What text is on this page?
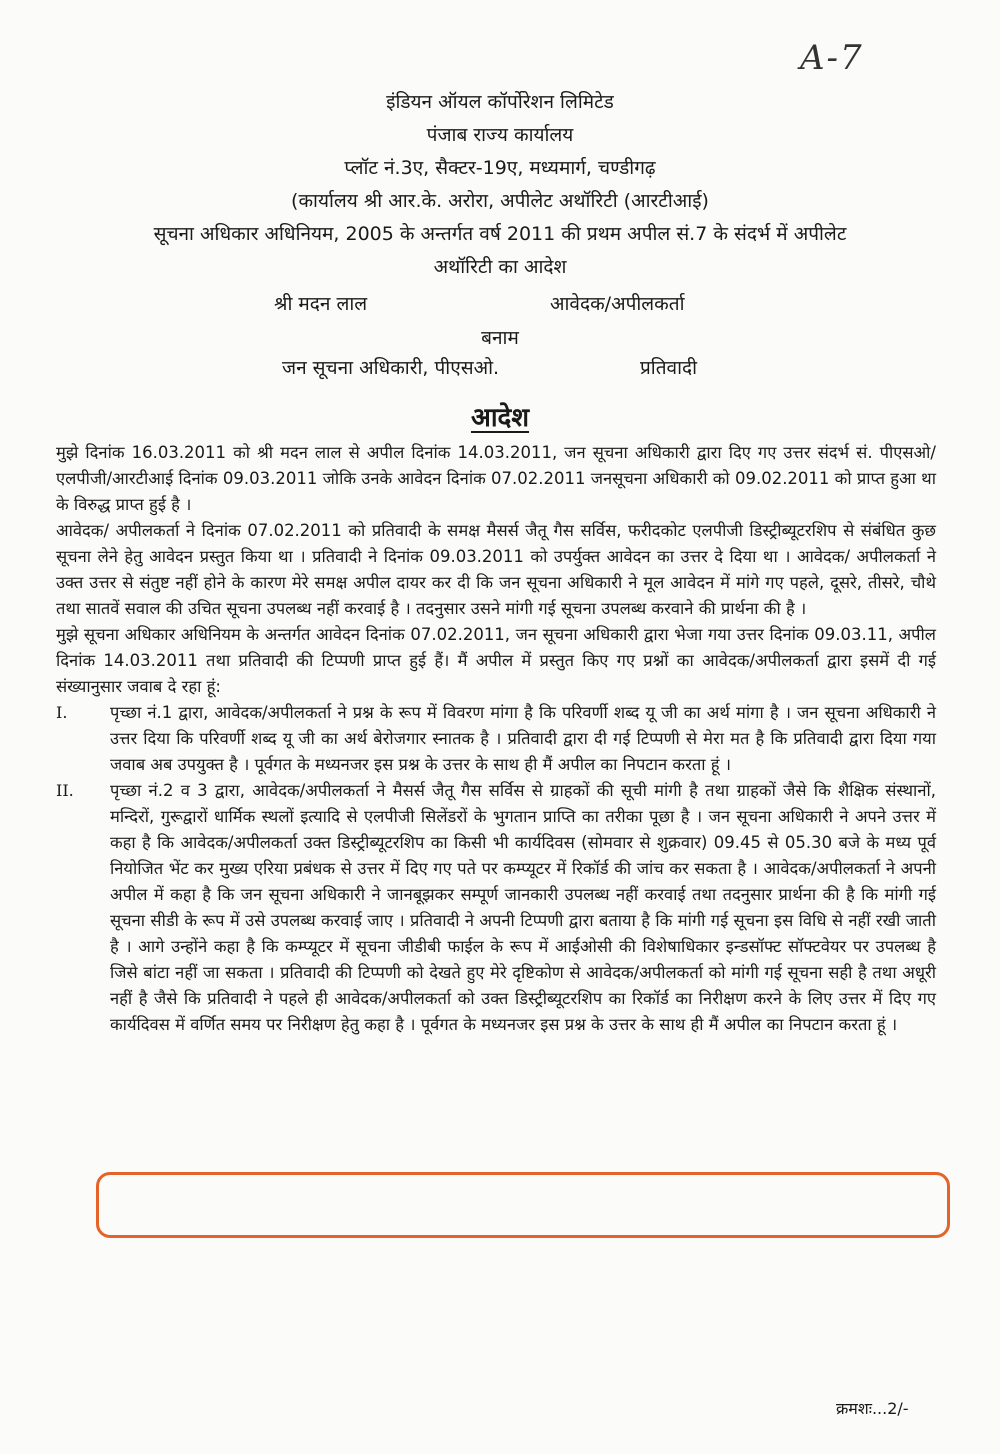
A-7
इंडियन ऑयल कॉर्पोरेशन लिमिटेड
पंजाब राज्य कार्यालय
प्लॉट नं.3ए, सैक्टर-19ए, मध्यमार्ग, चण्डीगढ़
(कार्यालय श्री आर.के. अरोरा, अपीलेट अथॉरिटी (आरटीआई)
सूचना अधिकार अधिनियम, 2005 के अन्तर्गत वर्ष 2011 की प्रथम अपील सं.7 के संदर्भ में अपीलेट
अथॉरिटी का आदेश
श्री मदन लाल	आवेदक/अपीलकर्ता
बनाम
जन सूचना अधिकारी, पीएसओ.	प्रतिवादी
आदेश

मुझे दिनांक 16.03.2011 को श्री मदन लाल से अपील दिनांक 14.03.2011, जन सूचना अधिकारी द्वारा दिए गए उत्तर संदर्भ सं. पीएसओ/एलपीजी/आरटीआई दिनांक 09.03.2011 जोकि उनके आवेदन दिनांक 07.02.2011 जनसूचना अधिकारी को 09.02.2011 को प्राप्त हुआ था के विरुद्ध प्राप्त हुई है ।

आवेदक/ अपीलकर्ता ने दिनांक 07.02.2011 को प्रतिवादी के समक्ष मैसर्स जैतू गैस सर्विस, फरीदकोट एलपीजी डिस्ट्रीब्यूटरशिप से संबंधित कुछ सूचना लेने हेतु आवेदन प्रस्तुत किया था । प्रतिवादी ने दिनांक 09.03.2011 को उपर्युक्त आवेदन का उत्तर दे दिया था । आवेदक/ अपीलकर्ता ने उक्त उत्तर से संतुष्ट नहीं होने के कारण मेरे समक्ष अपील दायर कर दी कि जन सूचना अधिकारी ने मूल आवेदन में मांगे गए पहले, दूसरे, तीसरे, चौथे तथा सातवें सवाल की उचित सूचना उपलब्ध नहीं करवाई है । तदनुसार उसने मांगी गई सूचना उपलब्ध करवाने की प्रार्थना की है ।

मुझे सूचना अधिकार अधिनियम के अन्तर्गत आवेदन दिनांक 07.02.2011, जन सूचना अधिकारी द्वारा भेजा गया उत्तर दिनांक 09.03.11, अपील दिनांक 14.03.2011 तथा प्रतिवादी की टिप्पणी प्राप्त हुई हैं। मैं अपील में प्रस्तुत किए गए प्रश्नों का आवेदक/अपीलकर्ता द्वारा इसमें दी गई संख्यानुसार जवाब दे रहा हूं:

I.	पृच्छा नं.1 द्वारा, आवेदक/अपीलकर्ता ने प्रश्न के रूप में विवरण मांगा है कि परिवर्णी शब्द यू जी का अर्थ मांगा है । जन सूचना अधिकारी ने उत्तर दिया कि परिवर्णी शब्द यू जी का अर्थ बेरोजगार स्नातक है । प्रतिवादी द्वारा दी गई टिप्पणी से मेरा मत है कि प्रतिवादी द्वारा दिया गया जवाब अब उपयुक्त है । पूर्वगत के मध्यनजर इस प्रश्न के उत्तर के साथ ही मैं अपील का निपटान करता हूं ।
II. पृच्छा नं.2 व 3 द्वारा, आवेदक/अपीलकर्ता ने मैसर्स जैतू गैस सर्विस से ग्राहकों की सूची मांगी है तथा ग्राहकों जैसे कि शैक्षिक संस्थानों, मन्दिरों, गुरूद्वारों धार्मिक स्थलों इत्यादि से एलपीजी सिलेंडरों के भुगतान प्राप्ति का तरीका पूछा है । जन सूचना अधिकारी ने अपने उत्तर में कहा है कि आवेदक/अपीलकर्ता उक्त डिस्ट्रीब्यूटरशिप का किसी भी कार्यदिवस (सोमवार से शुक्रवार) 09.45 से 05.30 बजे के मध्य पूर्व नियोजित भेंट कर मुख्य एरिया प्रबंधक से उत्तर में दिए गए पते पर कम्प्यूटर में रिकॉर्ड की जांच कर सकता है । आवेदक/अपीलकर्ता ने अपनी अपील में कहा है कि जन सूचना अधिकारी ने जानबूझकर सम्पूर्ण जानकारी उपलब्ध नहीं करवाई तथा तदनुसार प्रार्थना की है कि मांगी गई सूचना सीडी के रूप में उसे उपलब्ध करवाई जाए । प्रतिवादी ने अपनी टिप्पणी द्वारा बताया है कि मांगी गई सूचना इस विधि से नहीं रखी जाती है । आगे उन्होंने कहा है कि कम्प्यूटर में सूचना जीडीबी फाईल के रूप में आईओसी की विशेषाधिकार इन्डसॉफ्ट सॉफ्टवेयर पर उपलब्ध है जिसे बांटा नहीं जा सकता । प्रतिवादी की टिप्पणी को देखते हुए मेरे दृष्टिकोण से आवेदक/अपीलकर्ता को मांगी गई सूचना सही है तथा अधूरी नहीं है जैसे कि प्रतिवादी ने पहले ही आवेदक/अपीलकर्ता को उक्त डिस्ट्रीब्यूटरशिप का रिकॉर्ड का निरीक्षण करने के लिए उत्तर में दिए गए कार्यदिवस में वर्णित समय पर निरीक्षण हेतु कहा है । पूर्वगत के मध्यनजर इस प्रश्न के उत्तर के साथ ही मैं अपील का निपटान करता हूं ।
क्रमशः...2/-
